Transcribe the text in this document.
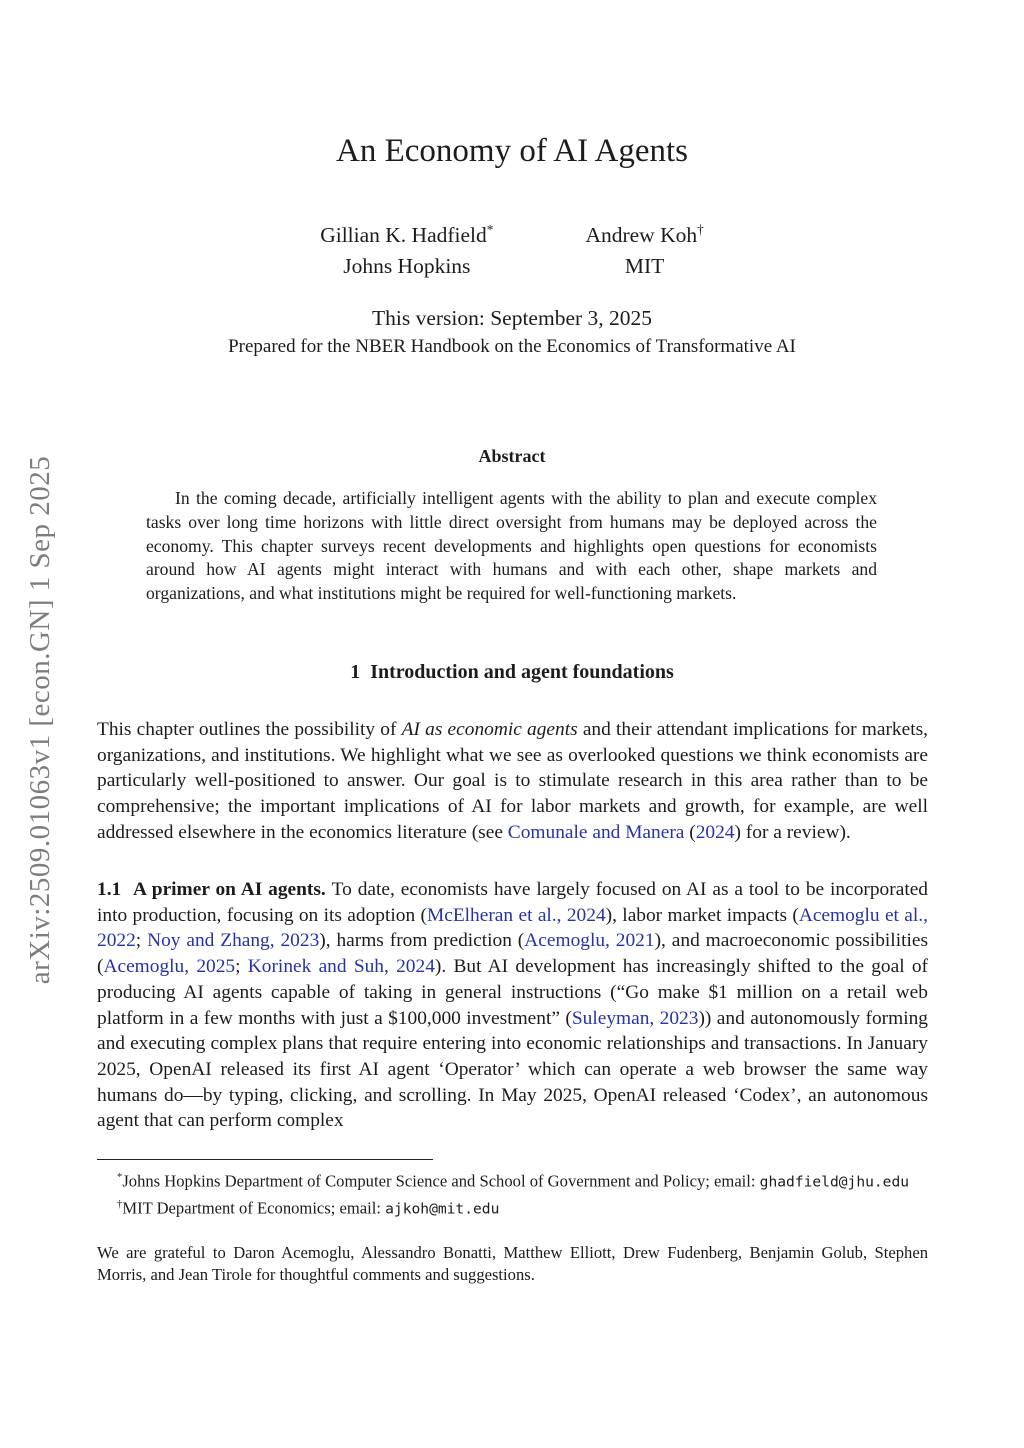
arXiv:2509.01063v1 [econ.GN] 1 Sep 2025
An Economy of AI Agents
Gillian K. Hadfield*
Johns Hopkins
Andrew Koh†
MIT
This version: September 3, 2025
Prepared for the NBER Handbook on the Economics of Transformative AI
Abstract
In the coming decade, artificially intelligent agents with the ability to plan and execute complex tasks over long time horizons with little direct oversight from humans may be deployed across the economy. This chapter surveys recent developments and highlights open questions for economists around how AI agents might interact with humans and with each other, shape markets and organizations, and what institutions might be required for well-functioning markets.
1  Introduction and agent foundations
This chapter outlines the possibility of AI as economic agents and their attendant implications for markets, organizations, and institutions. We highlight what we see as overlooked questions we think economists are particularly well-positioned to answer. Our goal is to stimulate research in this area rather than to be comprehensive; the important implications of AI for labor markets and growth, for example, are well addressed elsewhere in the economics literature (see Comunale and Manera (2024) for a review).
1.1  A primer on AI agents. To date, economists have largely focused on AI as a tool to be incorporated into production, focusing on its adoption (McElheran et al., 2024), labor market impacts (Acemoglu et al., 2022; Noy and Zhang, 2023), harms from prediction (Acemoglu, 2021), and macroeconomic possibilities (Acemoglu, 2025; Korinek and Suh, 2024). But AI development has increasingly shifted to the goal of producing AI agents capable of taking in general instructions (“Go make $1 million on a retail web platform in a few months with just a $100,000 investment” (Suleyman, 2023)) and autonomously forming and executing complex plans that require entering into economic relationships and transactions. In January 2025, OpenAI released its first AI agent ‘Operator’ which can operate a web browser the same way humans do—by typing, clicking, and scrolling. In May 2025, OpenAI released ‘Codex’, an autonomous agent that can perform complex
*Johns Hopkins Department of Computer Science and School of Government and Policy; email: ghadfield@jhu.edu
†MIT Department of Economics; email: ajkoh@mit.edu
We are grateful to Daron Acemoglu, Alessandro Bonatti, Matthew Elliott, Drew Fudenberg, Benjamin Golub, Stephen Morris, and Jean Tirole for thoughtful comments and suggestions.
